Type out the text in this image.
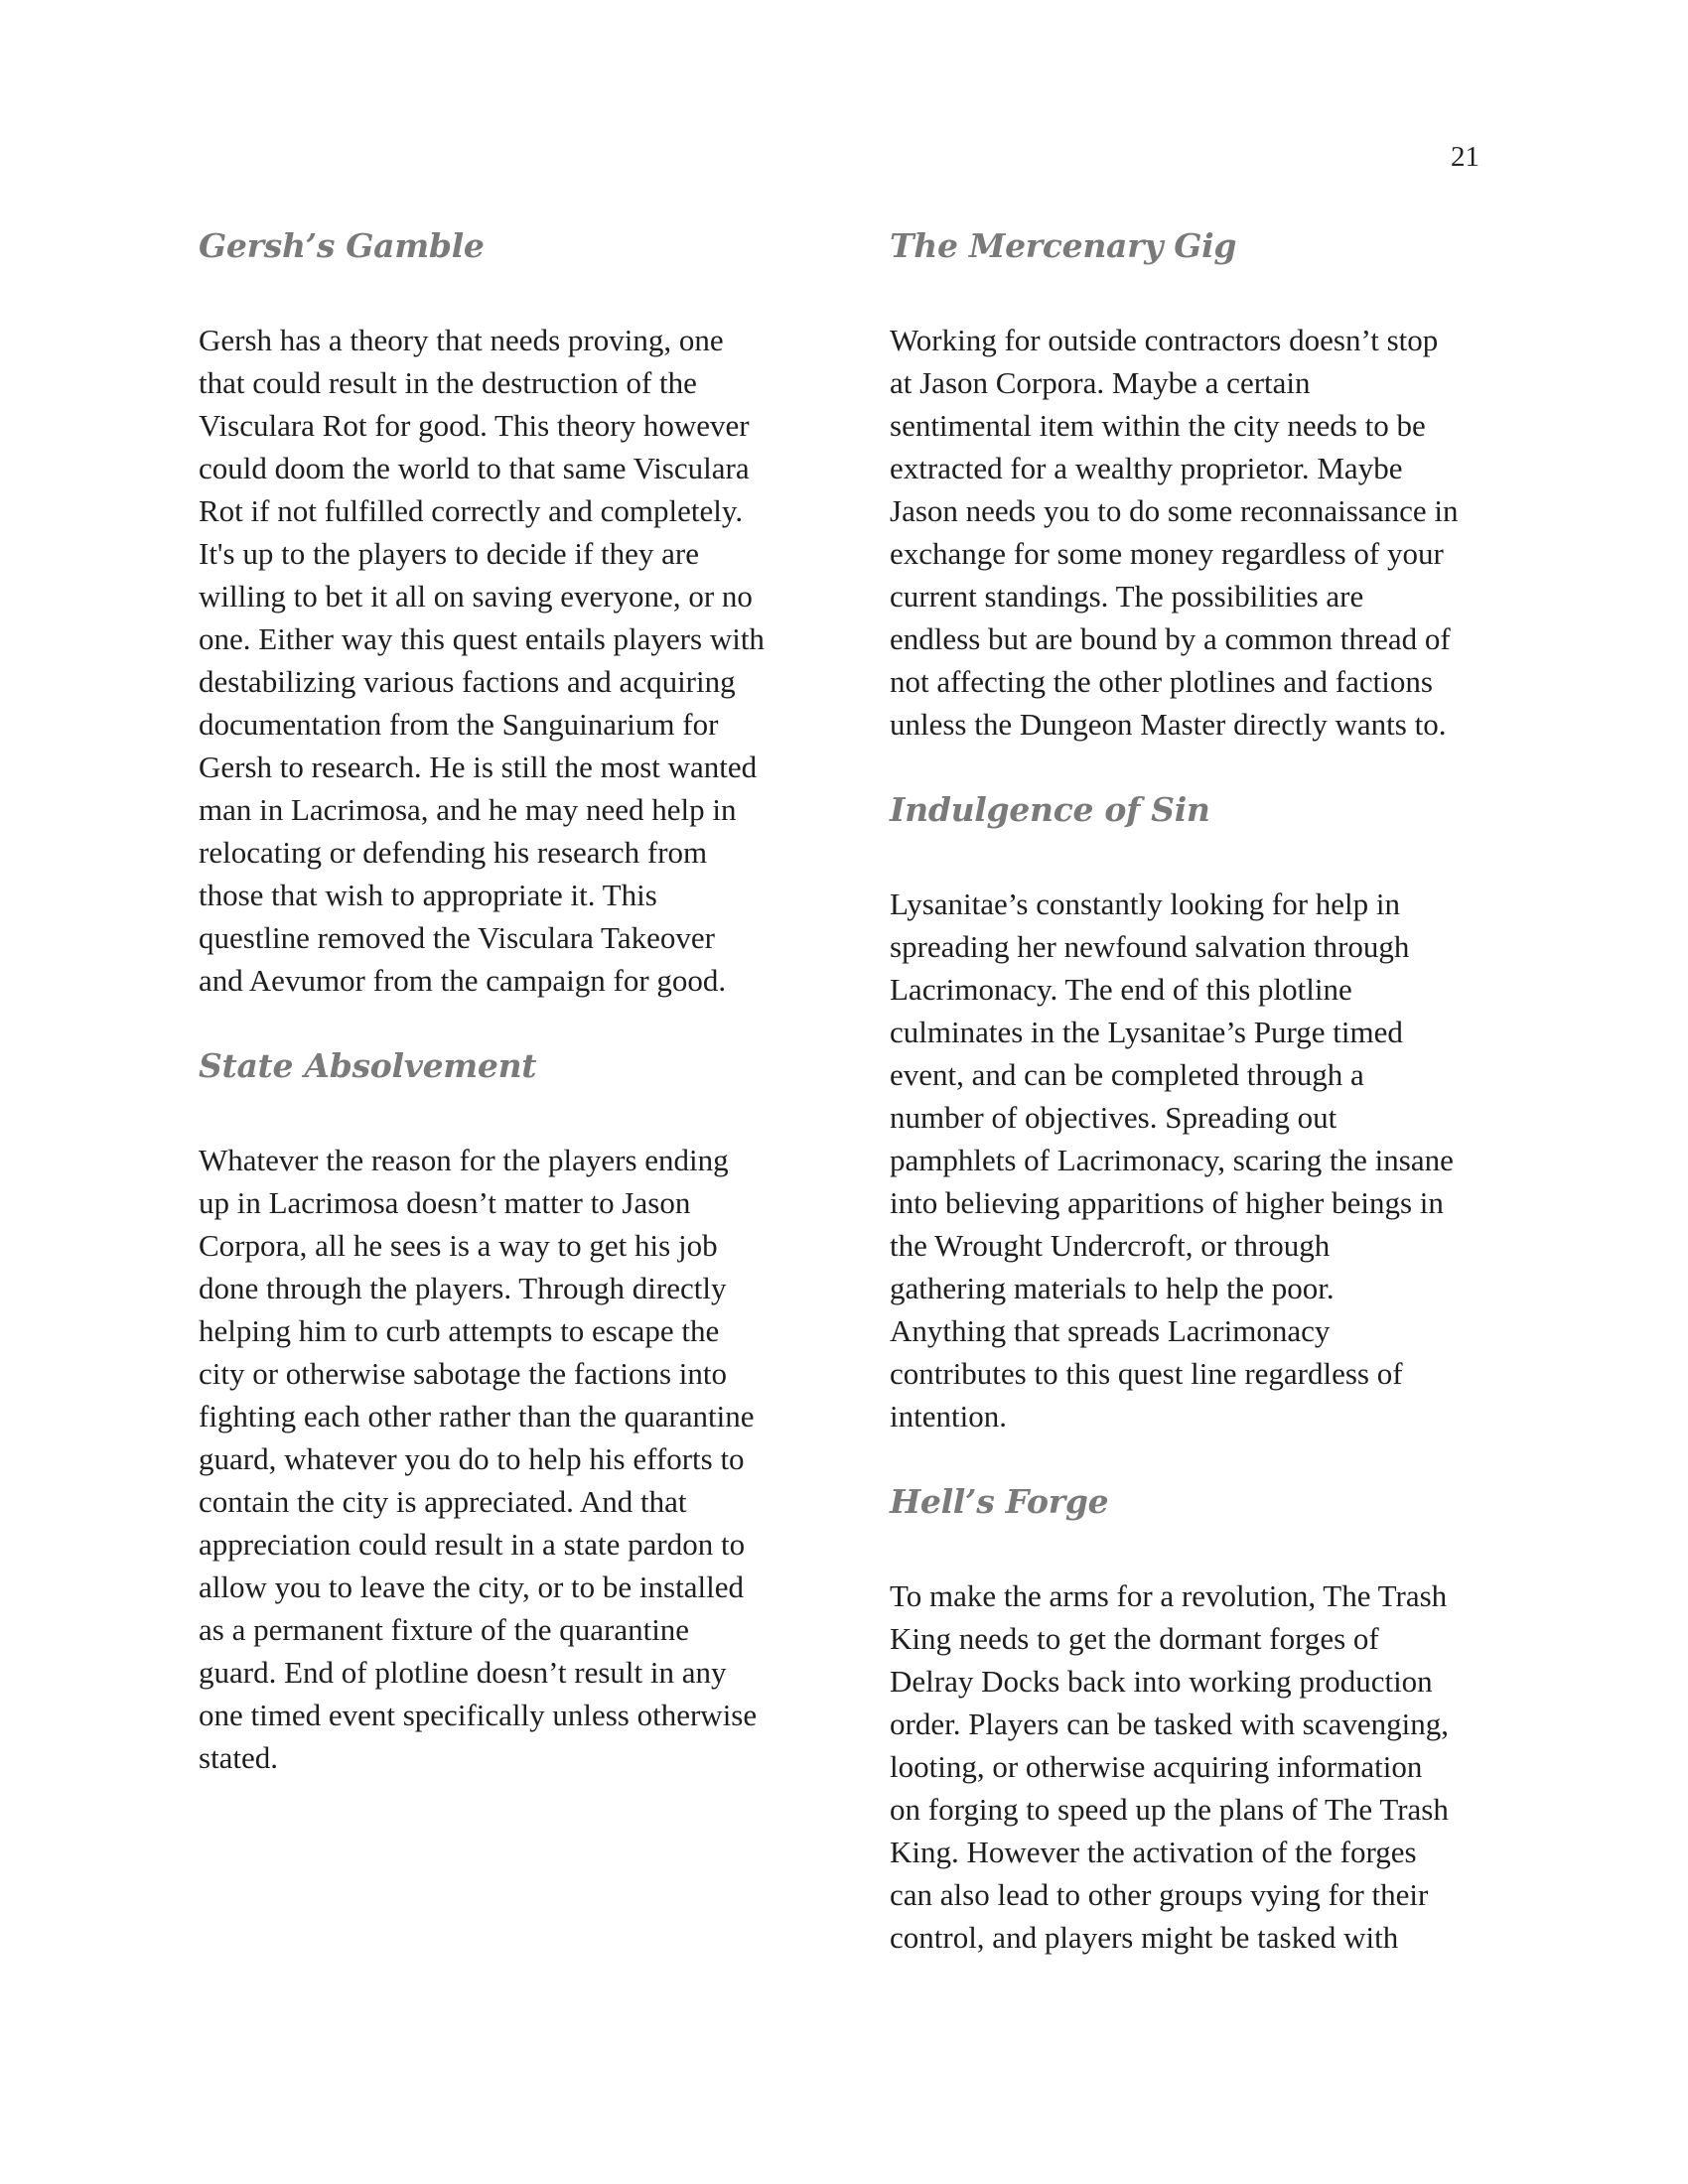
21
Gersh’s Gamble

Gersh has a theory that needs proving, one
that could result in the destruction of the
Viscularа Rot for good. This theory however
could doom the world to that same Visculara
Rot if not fulfilled correctly and completely.
It's up to the players to decide if they are
willing to bet it all on saving everyone, or no
one. Either way this quest entails players with
destabilizing various factions and acquiring
documentation from the Sanguinarium for
Gersh to research. He is still the most wanted
man in Lacrimosa, and he may need help in
relocating or defending his research from
those that wish to appropriate it. This
questline removed the Visculara Takeover
and Aevumor from the campaign for good.

State Absolvement

Whatever the reason for the players ending
up in Lacrimosa doesn’t matter to Jason
Corpora, all he sees is a way to get his job
done through the players. Through directly
helping him to curb attempts to escape the
city or otherwise sabotage the factions into
fighting each other rather than the quarantine
guard, whatever you do to help his efforts to
contain the city is appreciated. And that
appreciation could result in a state pardon to
allow you to leave the city, or to be installed
as a permanent fixture of the quarantine
guard. End of plotline doesn’t result in any
one timed event specifically unless otherwise
stated.

The Mercenary Gig

Working for outside contractors doesn’t stop
at Jason Corpora. Maybe a certain
sentimental item within the city needs to be
extracted for a wealthy proprietor. Maybe
Jason needs you to do some reconnaissance in
exchange for some money regardless of your
current standings. The possibilities are
endless but are bound by a common thread of
not affecting the other plotlines and factions
unless the Dungeon Master directly wants to.

Indulgence of Sin

Lysanitae’s constantly looking for help in
spreading her newfound salvation through
Lacrimonacy. The end of this plotline
culminates in the Lysanitae’s Purge timed
event, and can be completed through a
number of objectives. Spreading out
pamphlets of Lacrimonacy, scaring the insane
into believing apparitions of higher beings in
the Wrought Undercroft, or through
gathering materials to help the poor.
Anything that spreads Lacrimonacy
contributes to this quest line regardless of
intention.

Hell’s Forge

To make the arms for a revolution, The Trash
King needs to get the dormant forges of
Delray Docks back into working production
order. Players can be tasked with scavenging,
looting, or otherwise acquiring information
on forging to speed up the plans of The Trash
King. However the activation of the forges
can also lead to other groups vying for their
control, and players might be tasked with
